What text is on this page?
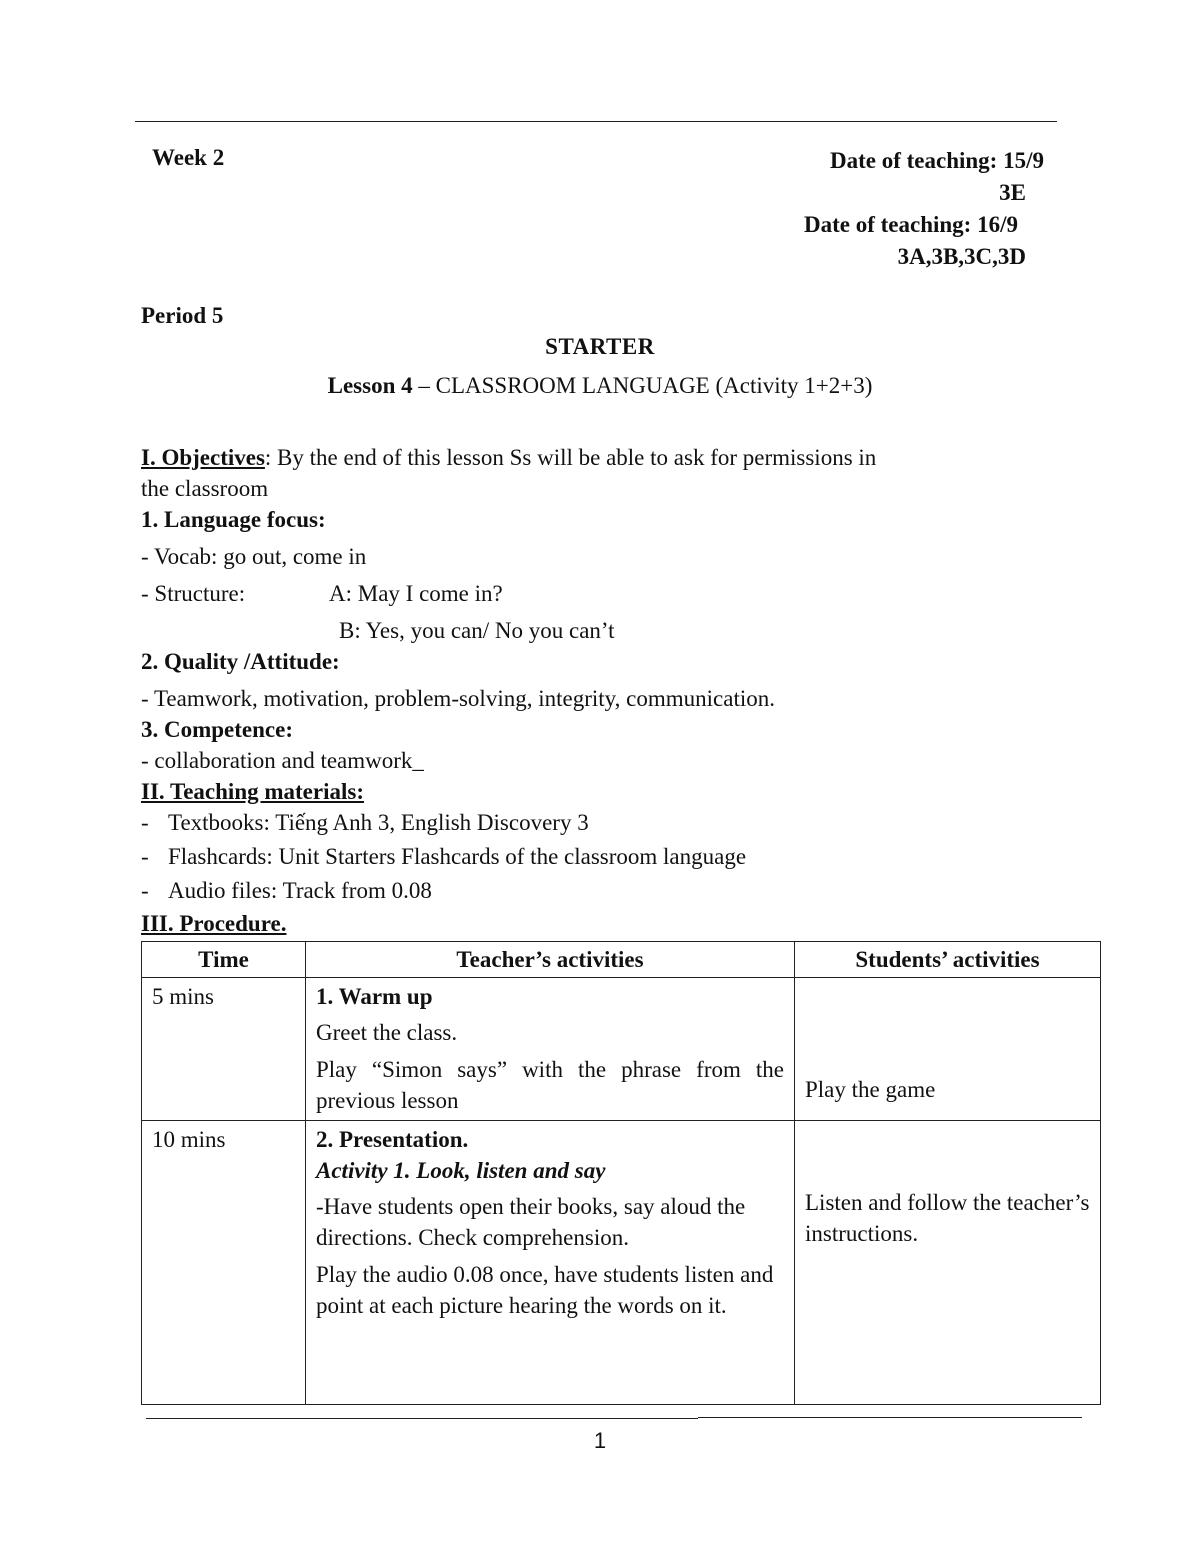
Week 2	Date of teaching: 15/9
3E
Date of teaching: 16/9
3A,3B,3C,3D
Period 5
STARTER
Lesson 4 – CLASSROOM LANGUAGE (Activity 1+2+3)
I. Objectives: By the end of this lesson Ss will be able to ask for permissions in
the classroom
1. Language focus:
- Vocab: go out, come in
- Structure:	A: May I come in?
B: Yes, you can/ No you can’t
2. Quality /Attitude:
- Teamwork, motivation, problem-solving, integrity, communication.
3. Competence:
- collaboration and teamwork_
II. Teaching materials:
- Textbooks: Tiếng Anh 3, English Discovery 3
- Flashcards: Unit Starters Flashcards of the classroom language
- Audio files: Track from 0.08
III. Procedure.
Time	Teacher’s activities	Students’ activities
5 mins	1. Warm up
Greet the class.
Play “Simon says” with the phrase from the previous lesson	Play the game

10 mins	2. Presentation.
Activity 1. Look, listen and say
-Have students open their books, say aloud the directions. Check comprehension.
Play the audio 0.08 once, have students listen and point at each picture hearing the words on it.	Listen and follow the teacher’s instructions.
1
